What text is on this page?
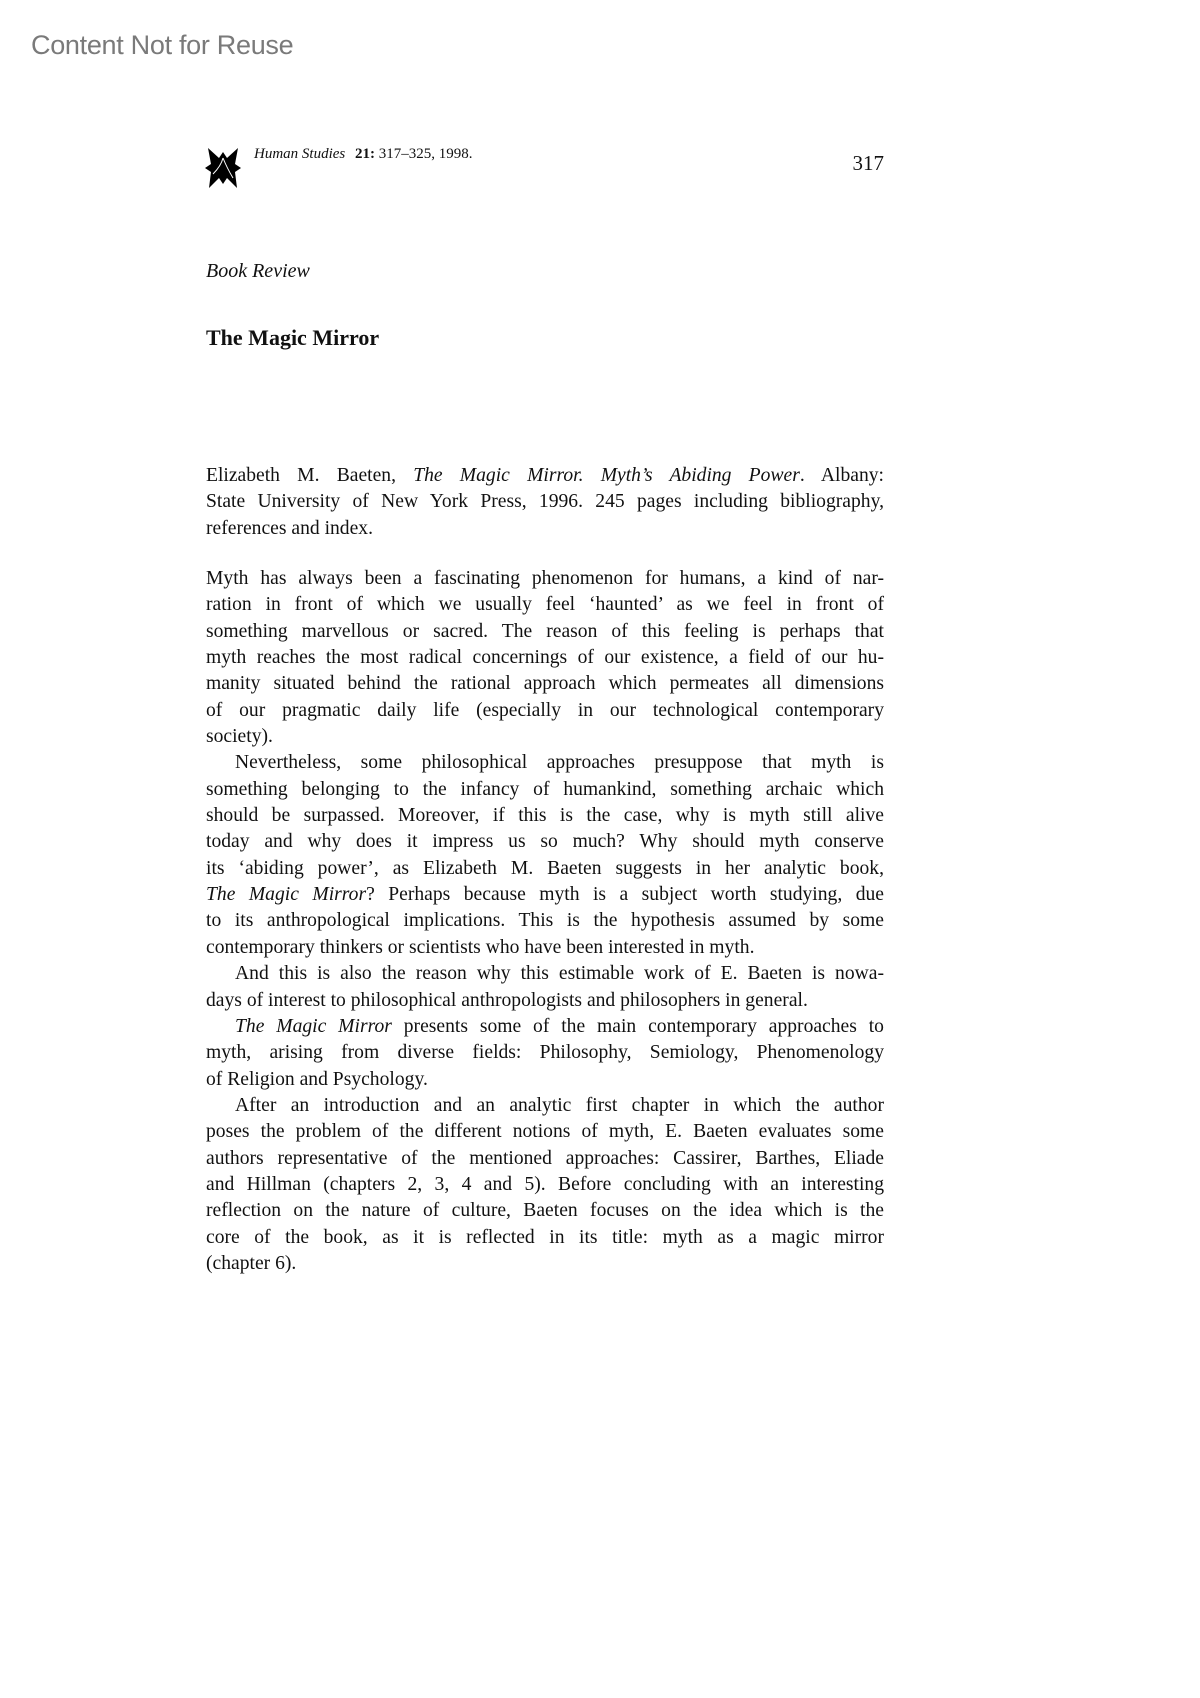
Content Not for Reuse
Human Studies 21: 317–325, 1998.	317
Book Review
The Magic Mirror
Elizabeth M. Baeten, The Magic Mirror. Myth’s Abiding Power. Albany:
State University of New York Press, 1996. 245 pages including bibliography,
references and index.
Myth has always been a fascinating phenomenon for humans, a kind of nar-
ration in front of which we usually feel ‘haunted’ as we feel in front of
something marvellous or sacred. The reason of this feeling is perhaps that
myth reaches the most radical concernings of our existence, a field of our hu-
manity situated behind the rational approach which permeates all dimensions
of our pragmatic daily life (especially in our technological contemporary
society).
Nevertheless, some philosophical approaches presuppose that myth is
something belonging to the infancy of humankind, something archaic which
should be surpassed. Moreover, if this is the case, why is myth still alive
today and why does it impress us so much? Why should myth conserve
its ‘abiding power’, as Elizabeth M. Baeten suggests in her analytic book,
The Magic Mirror? Perhaps because myth is a subject worth studying, due
to its anthropological implications. This is the hypothesis assumed by some
contemporary thinkers or scientists who have been interested in myth.
And this is also the reason why this estimable work of E. Baeten is nowa-
days of interest to philosophical anthropologists and philosophers in general.
The Magic Mirror presents some of the main contemporary approaches to
myth, arising from diverse fields: Philosophy, Semiology, Phenomenology
of Religion and Psychology.
After an introduction and an analytic first chapter in which the author
poses the problem of the different notions of myth, E. Baeten evaluates some
authors representative of the mentioned approaches: Cassirer, Barthes, Eliade
and Hillman (chapters 2, 3, 4 and 5). Before concluding with an interesting
reflection on the nature of culture, Baeten focuses on the idea which is the
core of the book, as it is reflected in its title: myth as a magic mirror
(chapter 6).
